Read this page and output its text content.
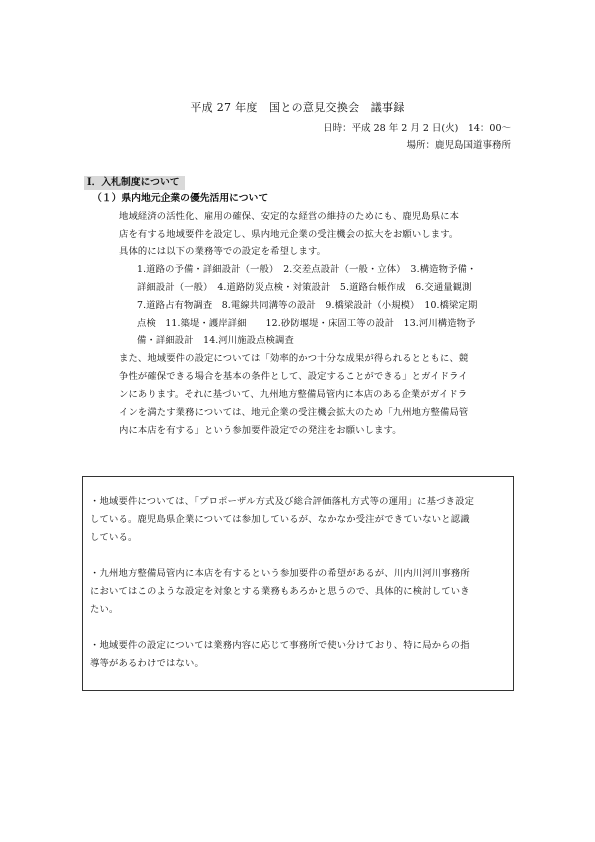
平成 27 年度　国との意見交換会　議事録
日時：平成 28 年 2 月 2 日(火)　14：00～
場所：鹿児島国道事務所
I．入札制度について
（１）県内地元企業の優先活用について
地域経済の活性化、雇用の確保、安定的な経営の維持のためにも、鹿児島県に本
店を有する地域要件を設定し、県内地元企業の受注機会の拡大をお願いします。
具体的には以下の業務等での設定を希望します。
1.道路の予備・詳細設計（一般）　2.交差点設計（一般・立体）　3.構造物予備・
詳細設計（一般）　4.道路防災点検・対策設計　5.道路台帳作成　6.交通量観測
7.道路占有物調査　8.電線共同溝等の設計　9.橋梁設計（小規模）　10.橋梁定期
点検　11.築堤・護岸詳細　　12.砂防堰堤・床固工等の設計　13.河川構造物予
備・詳細設計　14.河川施設点検調査
また、地域要件の設定については「効率的かつ十分な成果が得られるとともに、競
争性が確保できる場合を基本の条件として、設定することができる」とガイドライ
ンにあります。それに基づいて、九州地方整備局管内に本店のある企業がガイドラ
インを満たす業務については、地元企業の受注機会拡大のため「九州地方整備局管
内に本店を有する」という参加要件設定での発注をお願いします。
・地域要件については、「プロポーザル方式及び総合評価落札方式等の運用」に基づき設定
している。鹿児島県企業については参加しているが、なかなか受注ができていないと認識
している。
・九州地方整備局管内に本店を有するという参加要件の希望があるが、川内川河川事務所
においてはこのような設定を対象とする業務もあろかと思うので、具体的に検討していき
たい。
・地域要件の設定については業務内容に応じて事務所で使い分けており、特に局からの指
導等があるわけではない。
